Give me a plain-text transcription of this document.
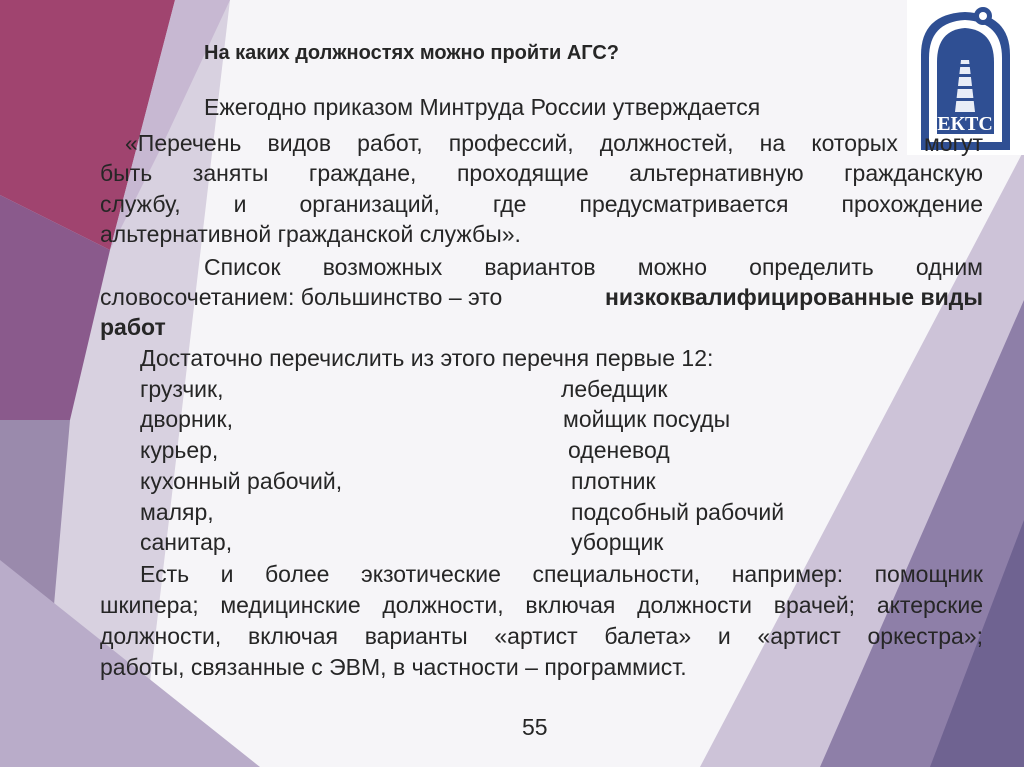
ЕКТС
На каких должностях можно пройти АГС?
Ежегодно приказом Минтруда России утверждается
«Перечень видов работ, профессий, должностей, на которых могут
быть заняты граждане, проходящие альтернативную гражданскую
службу, и организаций, где предусматривается прохождение
альтернативной гражданской службы».
Список возможных вариантов можно определить одним
словосочетанием: большинство – это	низкоквалифицированные виды
работ
Достаточно перечислить из этого перечня первые 12:
грузчик,
дворник,
курьер,
кухонный рабочий,
маляр,
санитар,
лебедщик
мойщик посуды
оденевод
плотник
подсобный рабочий
уборщик
Есть и более экзотические специальности, например: помощник
шкипера; медицинские должности, включая должности врачей; актерские
должности, включая варианты «артист балета» и «артист оркестра»;
работы, связанные с ЭВМ, в частности – программист.
55
